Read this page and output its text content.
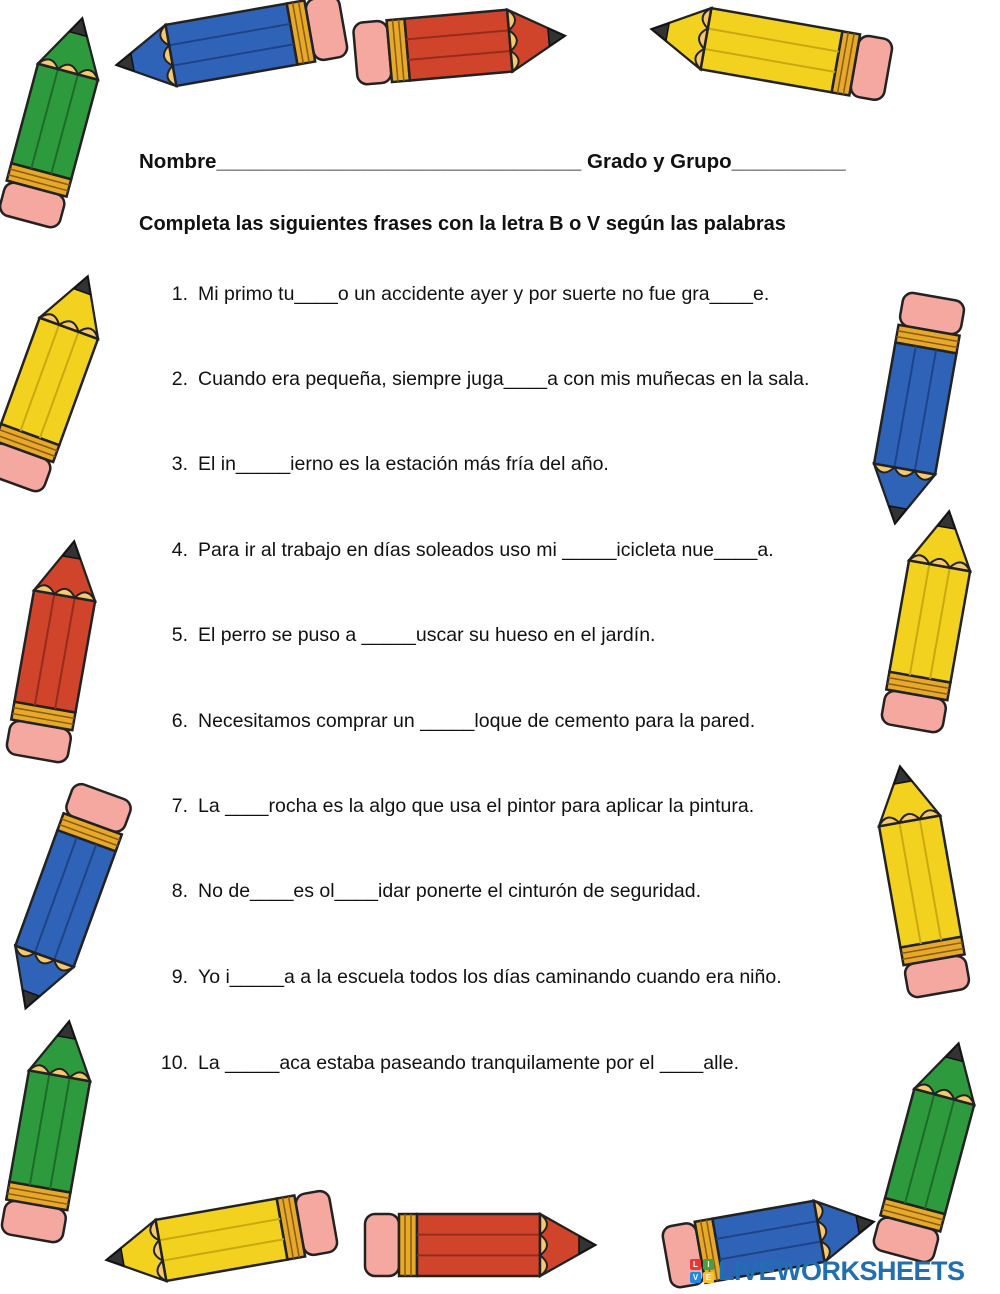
Nombre________________________________ Grado y Grupo__________
Completa las siguientes frases con la letra B o V según las palabras
1. Mi primo tu____o un accidente ayer y por suerte no fue gra____e.
2. Cuando era pequeña, siempre juga____a con mis muñecas en la sala.
3. El in_____ierno es la estación más fría del año.
4. Para ir al trabajo en días soleados uso mi _____icicleta nue____a.
5. El perro se puso a _____uscar su hueso en el jardín.
6. Necesitamos comprar un _____loque de cemento para la pared.
7. La ____rocha es la algo que usa el pintor para aplicar la pintura.
8. No de____es ol____idar ponerte el cinturón de seguridad.
9. Yo i_____a a la escuela todos los días caminando cuando era niño.
10. La _____aca estaba paseando tranquilamente por el ____alle.
L	I
V E LIVEWORKSHEETS
